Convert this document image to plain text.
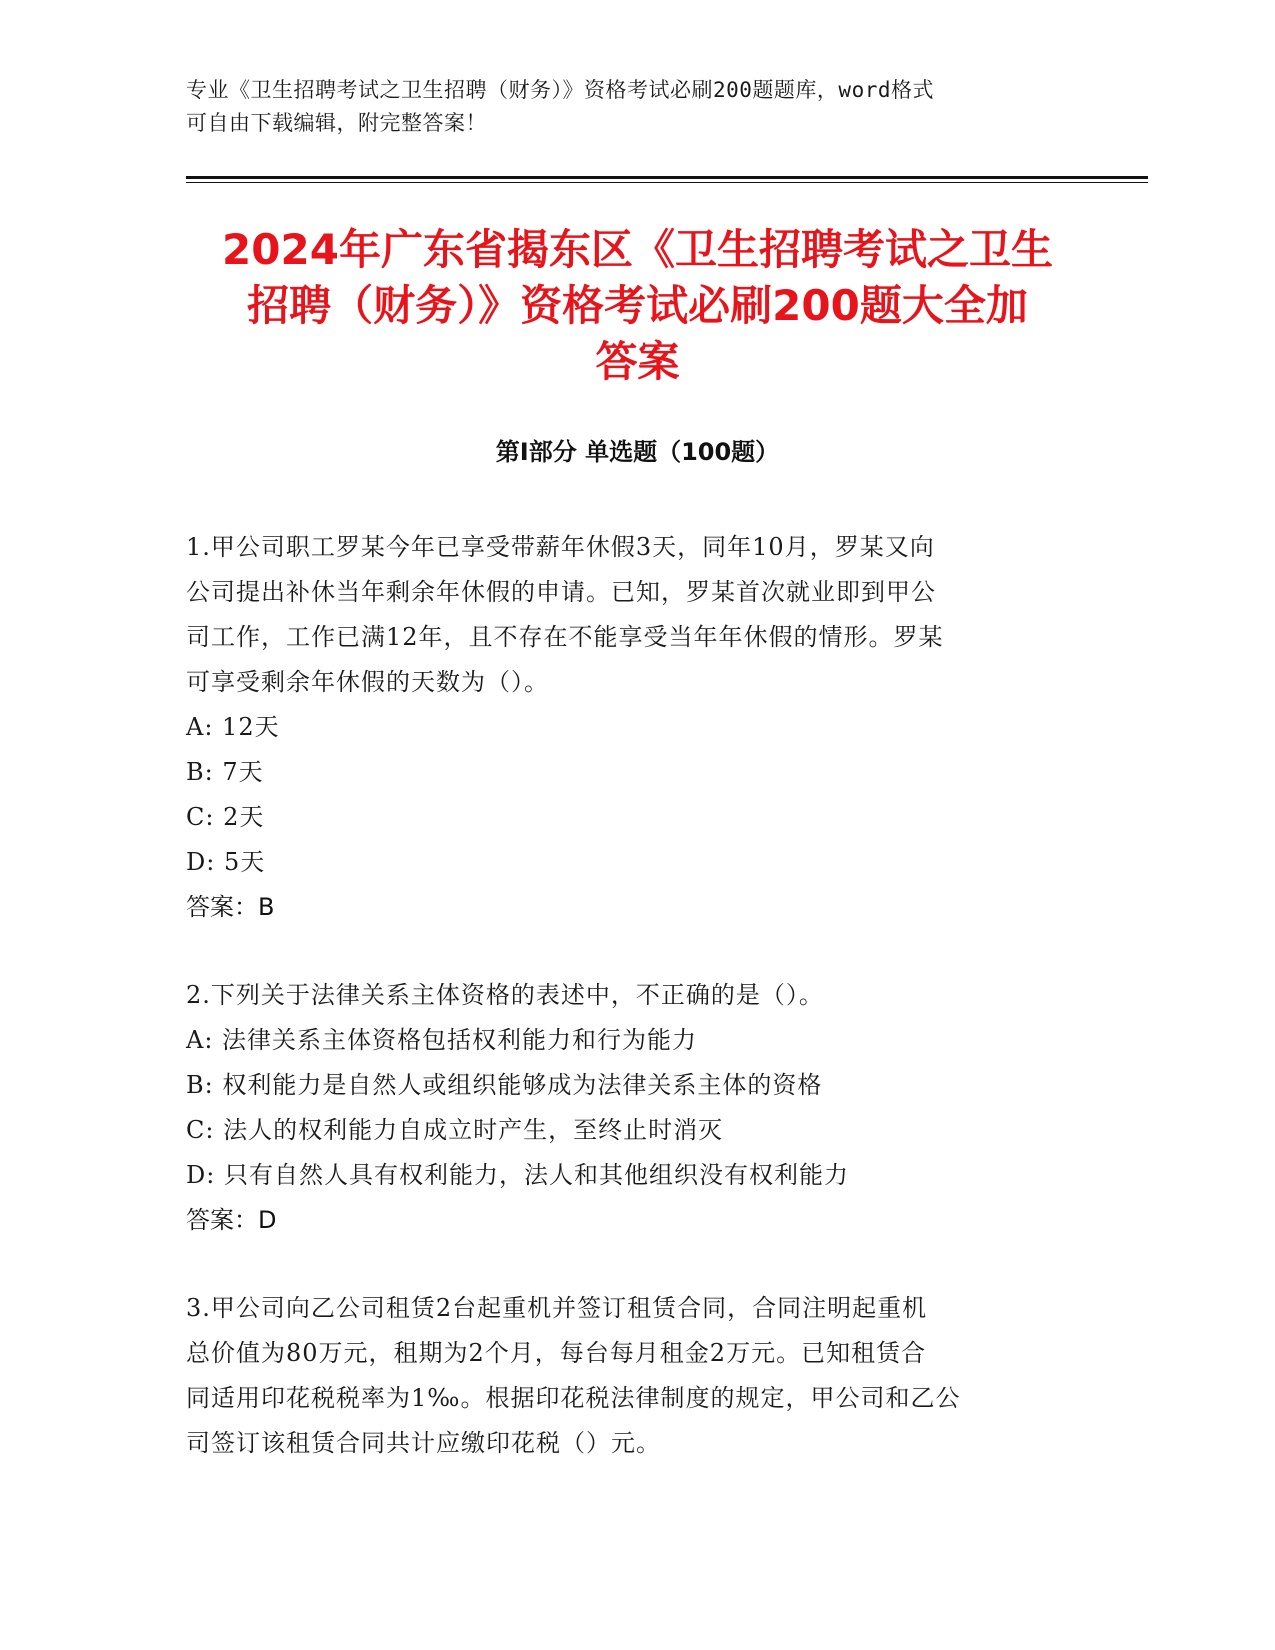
专业《卫生招聘考试之卫生招聘（财务）》资格考试必刷200题题库，word格式
可自由下载编辑，附完整答案！
2024年广东省揭东区《卫生招聘考试之卫生
招聘（财务）》资格考试必刷200题大全加
答案
第Ⅰ部分 单选题（100题）
1.甲公司职工罗某今年已享受带薪年休假3天，同年10月，罗某又向
公司提出补休当年剩余年休假的申请。已知，罗某首次就业即到甲公
司工作，工作已满12年，且不存在不能享受当年年休假的情形。罗某
可享受剩余年休假的天数为（）。
A: 12天
B: 7天
C: 2天
D: 5天
答案：B
2.下列关于法律关系主体资格的表述中，不正确的是（）。
A: 法律关系主体资格包括权利能力和行为能力
B: 权利能力是自然人或组织能够成为法律关系主体的资格
C: 法人的权利能力自成立时产生，至终止时消灭
D: 只有自然人具有权利能力，法人和其他组织没有权利能力
答案：D
3.甲公司向乙公司租赁2台起重机并签订租赁合同，合同注明起重机
总价值为80万元，租期为2个月，每台每月租金2万元。已知租赁合
同适用印花税税率为1‰。根据印花税法律制度的规定，甲公司和乙公
司签订该租赁合同共计应缴印花税（）元。
